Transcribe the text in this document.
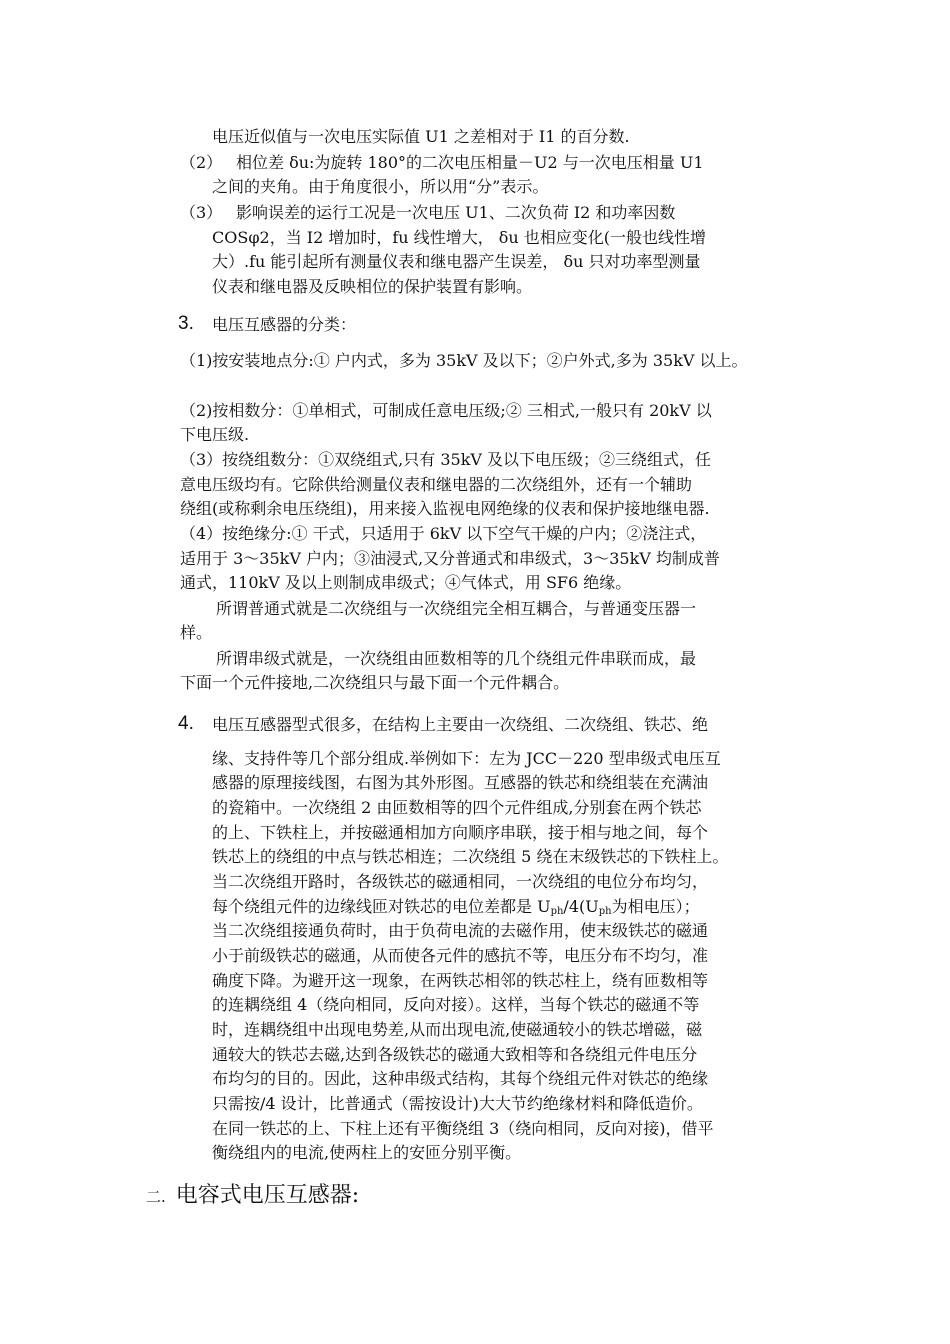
电压近似值与一次电压实际值 U1 之差相对于 I1 的百分数.
（2） 相位差 δu:为旋转 180°的二次电压相量－U2 与一次电压相量 U1
之间的夹角。由于角度很小，所以用“分”表示。
（3） 影响误差的运行工况是一次电压 U1、二次负荷 I2 和功率因数
COSφ2，当 I2 增加时，fu 线性增大， δu 也相应变化(一般也线性增
大）.fu 能引起所有测量仪表和继电器产生误差， δu 只对功率型测量
仪表和继电器及反映相位的保护装置有影响。
3. 电压互感器的分类：
（1)按安装地点分:① 户内式，多为 35kV 及以下；②户外式,多为 35kV 以上。
（2)按相数分：①单相式，可制成任意电压级;② 三相式,一般只有 20kV 以
下电压级.
（3）按绕组数分：①双绕组式,只有 35kV 及以下电压级；②三绕组式，任
意电压级均有。它除供给测量仪表和继电器的二次绕组外，还有一个辅助
绕组(或称剩余电压绕组)，用来接入监视电网绝缘的仪表和保护接地继电器.
（4）按绝缘分:① 干式，只适用于 6kV 以下空气干燥的户内；②浇注式，
适用于 3～35kV 户内；③油浸式,又分普通式和串级式，3～35kV 均制成普
通式，110kV 及以上则制成串级式；④气体式，用 SF6 绝缘。
所谓普通式就是二次绕组与一次绕组完全相互耦合，与普通变压器一
样。
所谓串级式就是，一次绕组由匝数相等的几个绕组元件串联而成，最
下面一个元件接地,二次绕组只与最下面一个元件耦合。
4. 电压互感器型式很多，在结构上主要由一次绕组、二次绕组、铁芯、绝
缘、支持件等几个部分组成.举例如下：左为 JCC－220 型串级式电压互
感器的原理接线图，右图为其外形图。互感器的铁芯和绕组装在充满油
的瓷箱中。一次绕组 2 由匝数相等的四个元件组成,分别套在两个铁芯
的上、下铁柱上，并按磁通相加方向顺序串联，接于相与地之间，每个
铁芯上的绕组的中点与铁芯相连；二次绕组 5 绕在末级铁芯的下铁柱上。
当二次绕组开路时，各级铁芯的磁通相同，一次绕组的电位分布均匀，
每个绕组元件的边缘线匝对铁芯的电位差都是 $U_{ph}/4(U_{ph}$为相电压）；
当二次绕组接通负荷时，由于负荷电流的去磁作用，使末级铁芯的磁通
小于前级铁芯的磁通，从而使各元件的感抗不等，电压分布不均匀，准
确度下降。为避开这一现象，在两铁芯相邻的铁芯柱上，绕有匝数相等
的连耦绕组 4（绕向相同，反向对接）。这样，当每个铁芯的磁通不等
时，连耦绕组中出现电势差,从而出现电流,使磁通较小的铁芯增磁，磁
通较大的铁芯去磁,达到各级铁芯的磁通大致相等和各绕组元件电压分
布均匀的目的。因此，这种串级式结构，其每个绕组元件对铁芯的绝缘
只需按/4 设计，比普通式（需按设计)大大节约绝缘材料和降低造价。
在同一铁芯的上、下柱上还有平衡绕组 3（绕向相同，反向对接)，借平
衡绕组内的电流,使两柱上的安匝分别平衡。
二. 电容式电压互感器:
